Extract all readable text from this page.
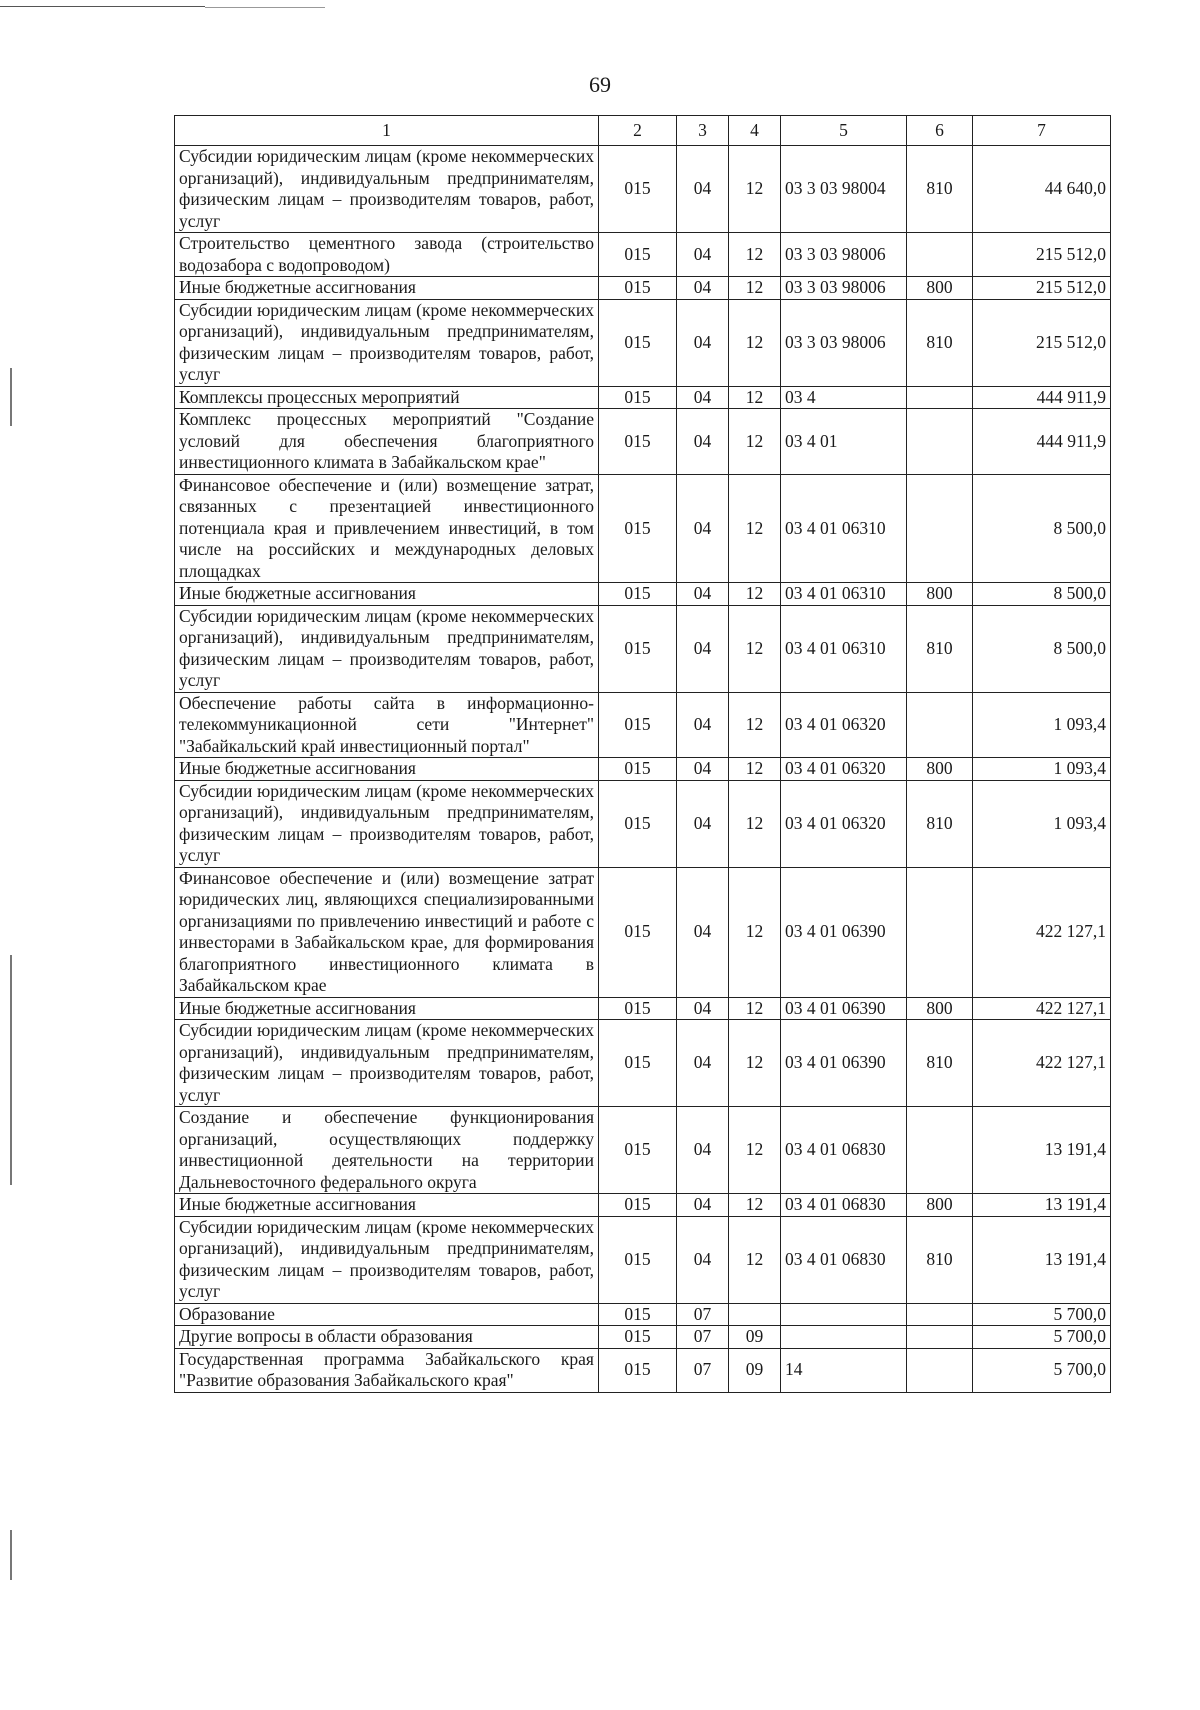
69
1	2	3	4	5	6	7
Субсидии юридическим лицам (кроме некоммерческих организаций), индивидуальным предпринимателям, физическим лицам – производителям товаров, работ, услуг	015	04	12	03 3 03 98004	810	44 640,0
Строительство цементного завода (строительство водозабора с водопроводом)	015	04	12	03 3 03 98006		215 512,0
Иные бюджетные ассигнования	015	04	12	03 3 03 98006	800	215 512,0
Субсидии юридическим лицам (кроме некоммерческих организаций), индивидуальным предпринимателям, физическим лицам – производителям товаров, работ, услуг	015	04	12	03 3 03 98006	810	215 512,0
Комплексы процессных мероприятий	015	04	12	03 4		444 911,9
Комплекс процессных мероприятий "Создание условий для обеспечения благоприятного инвестиционного климата в Забайкальском крае"	015	04	12	03 4 01		444 911,9
Финансовое обеспечение и (или) возмещение затрат, связанных с презентацией инвестиционного потенциала края и привлечением инвестиций, в том числе на российских и международных деловых площадках	015	04	12	03 4 01 06310		8 500,0
Иные бюджетные ассигнования	015	04	12	03 4 01 06310	800	8 500,0
Субсидии юридическим лицам (кроме некоммерческих организаций), индивидуальным предпринимателям, физическим лицам – производителям товаров, работ, услуг	015	04	12	03 4 01 06310	810	8 500,0
Обеспечение работы сайта в информационно-телекоммуникационной сети "Интернет" "Забайкальский край инвестиционный портал"	015	04	12	03 4 01 06320		1 093,4
Иные бюджетные ассигнования	015	04	12	03 4 01 06320	800	1 093,4
Субсидии юридическим лицам (кроме некоммерческих организаций), индивидуальным предпринимателям, физическим лицам – производителям товаров, работ, услуг	015	04	12	03 4 01 06320	810	1 093,4
Финансовое обеспечение и (или) возмещение затрат юридических лиц, являющихся специализированными организациями по привлечению инвестиций и работе с инвесторами в Забайкальском крае, для формирования благоприятного инвестиционного климата в Забайкальском крае	015	04	12	03 4 01 06390		422 127,1
Иные бюджетные ассигнования	015	04	12	03 4 01 06390	800	422 127,1
Субсидии юридическим лицам (кроме некоммерческих организаций), индивидуальным предпринимателям, физическим лицам – производителям товаров, работ, услуг	015	04	12	03 4 01 06390	810	422 127,1
Создание и обеспечение функционирования организаций, осуществляющих поддержку инвестиционной деятельности на территории Дальневосточного федерального округа	015	04	12	03 4 01 06830		13 191,4
Иные бюджетные ассигнования	015	04	12	03 4 01 06830	800	13 191,4
Субсидии юридическим лицам (кроме некоммерческих организаций), индивидуальным предпринимателям, физическим лицам – производителям товаров, работ, услуг	015	04	12	03 4 01 06830	810	13 191,4
Образование	015	07				5 700,0
Другие вопросы в области образования	015	07	09			5 700,0
Государственная программа Забайкальского края "Развитие образования Забайкальского края"	015	07	09	14		5 700,0
